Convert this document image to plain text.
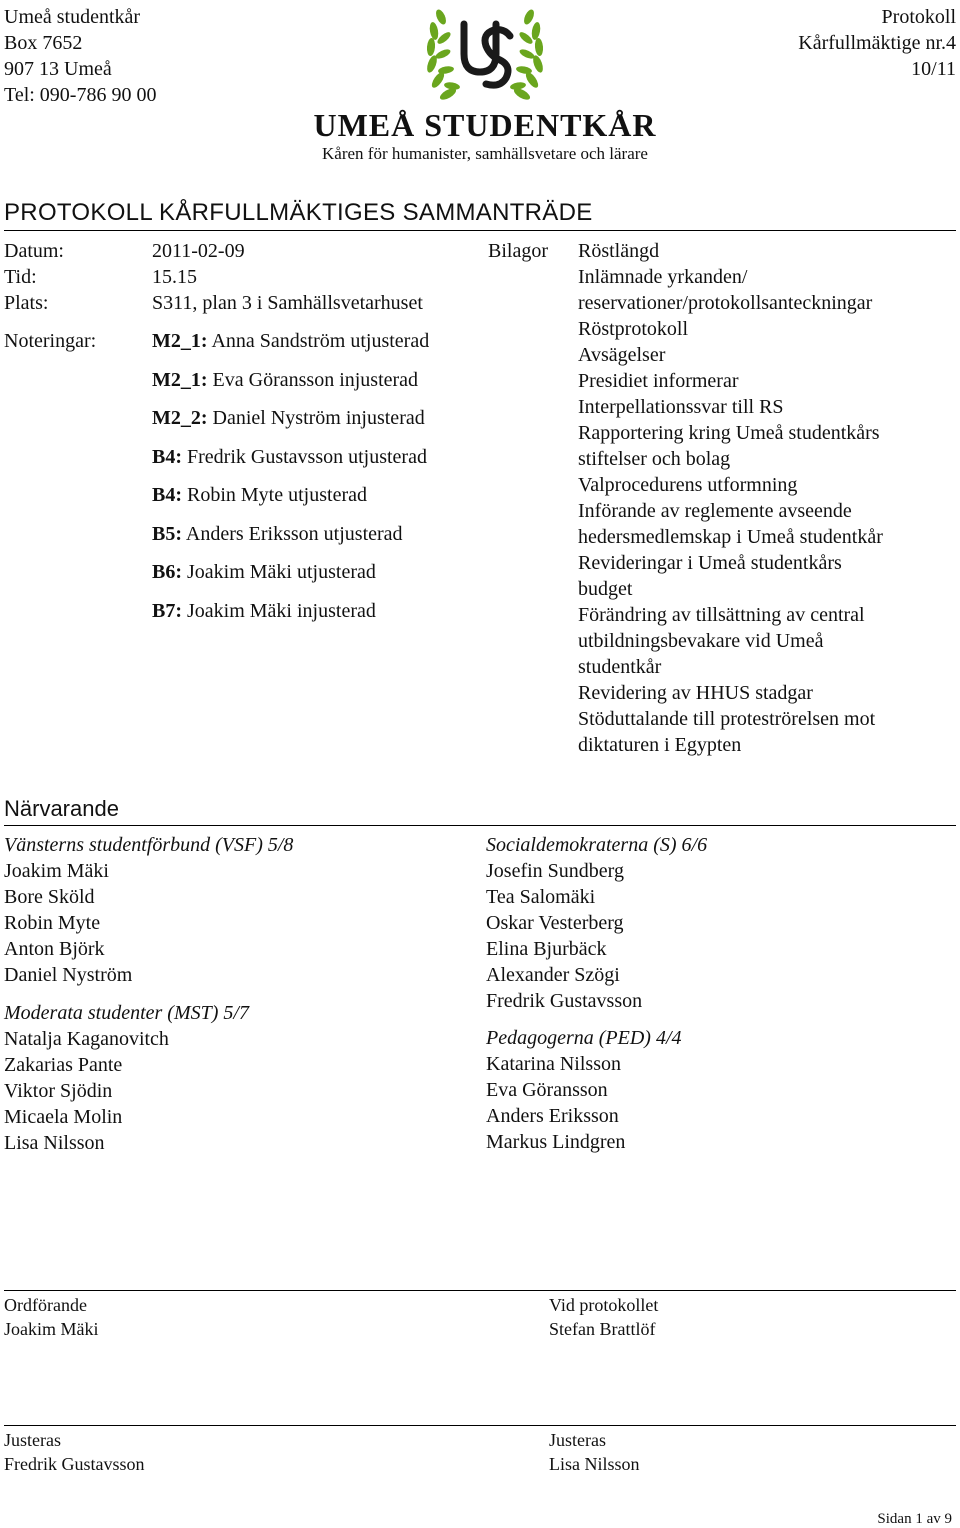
Umeå studentkår
Box 7652
907 13 Umeå
Tel: 090-786 90 00
Protokoll
Kårfullmäktige nr.4
10/11
UMEÅ STUDENTKÅR
Kåren för humanister, samhällsvetare och lärare
PROTOKOLL KÅRFULLMÄKTIGES SAMMANTRÄDE
Datum:	2011-02-09
Tid:	15.15
Plats:	S311, plan 3 i Samhällsvetarhuset
Noteringar:	M2_1: Anna Sandström utjusterad
M2_1: Eva Göransson injusterad
M2_2: Daniel Nyström injusterad
B4: Fredrik Gustavsson utjusterad
B4: Robin Myte utjusterad
B5: Anders Eriksson utjusterad
B6: Joakim Mäki utjusterad
B7: Joakim Mäki injusterad
Bilagor Röstlängd
Inlämnade yrkanden/
reservationer/protokollsanteckningar
Röstprotokoll
Avsägelser
Presidiet informerar
Interpellationssvar till RS
Rapportering kring Umeå studentkårs
stiftelser och bolag
Valprocedurens utformning
Införande av reglemente avseende
hedersmedlemskap i Umeå studentkår
Revideringar i Umeå studentkårs
budget
Förändring av tillsättning av central
utbildningsbevakare vid Umeå
studentkår
Revidering av HHUS stadgar
Stöduttalande till proteströrelsen mot
diktaturen i Egypten
Närvarande
Vänsterns studentförbund (VSF) 5/8
Joakim Mäki
Bore Sköld
Robin Myte
Anton Björk
Daniel Nyström
Moderata studenter (MST) 5/7
Natalja Kaganovitch
Zakarias Pante
Viktor Sjödin
Micaela Molin
Lisa Nilsson
Socialdemokraterna (S) 6/6
Josefin Sundberg
Tea Salomäki
Oskar Vesterberg
Elina Bjurbäck
Alexander Szögi
Fredrik Gustavsson
Pedagogerna (PED) 4/4
Katarina Nilsson
Eva Göransson
Anders Eriksson
Markus Lindgren
Ordförande
Joakim Mäki
Vid protokollet
Stefan Brattlöf
Justeras
Fredrik Gustavsson
Justeras
Lisa Nilsson
Sidan 1 av 9
